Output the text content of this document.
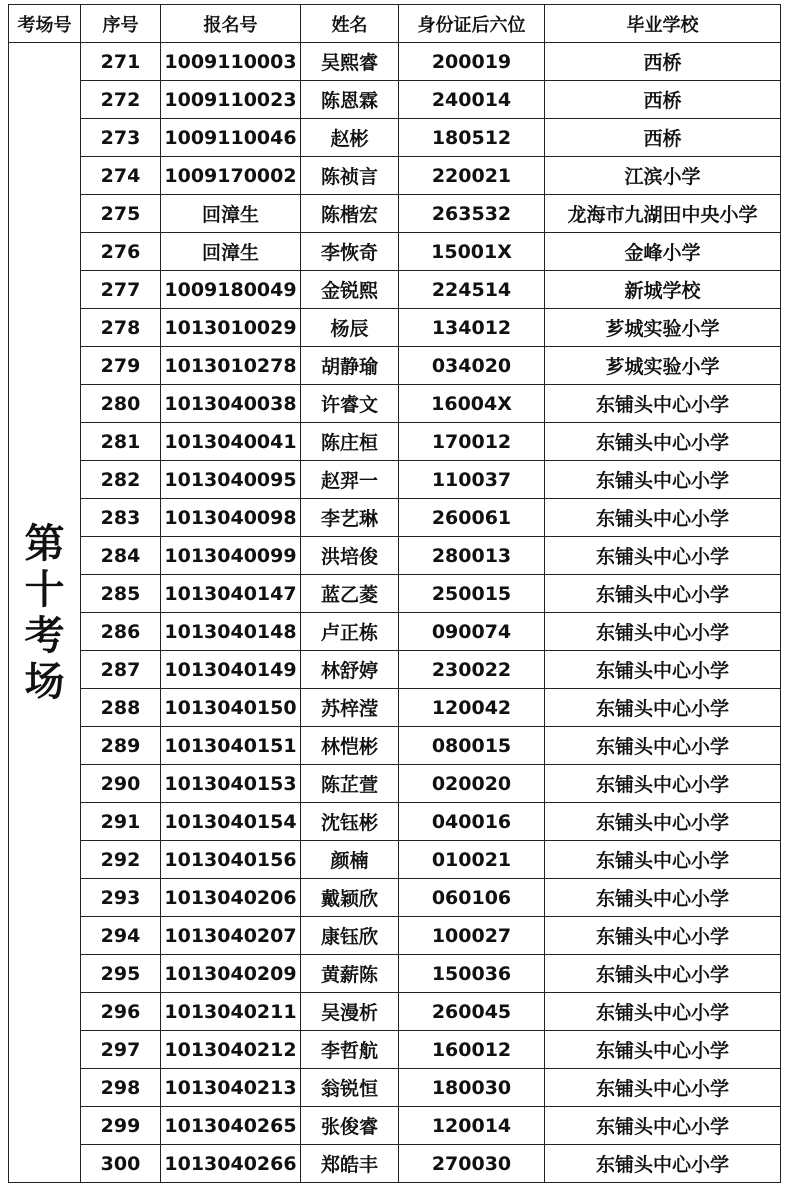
考场号	序号	报名号	姓名	身份证后六位	毕业学校

第十考场	271	1009110003	吴熙睿	200019	西桥
	272	1009110023	陈恩霖	240014	西桥
	273	1009110046	赵彬	180512	西桥
	274	1009170002	陈祯言	220021	江滨小学
	275	回漳生	陈楷宏	263532	龙海市九湖田中央小学
	276	回漳生	李恢奇	15001X	金峰小学
	277	1009180049	金锐熙	224514	新城学校
	278	1013010029	杨辰	134012	芗城实验小学
	279	1013010278	胡静瑜	034020	芗城实验小学
	280	1013040038	许睿文	16004X	东铺头中心小学
	281	1013040041	陈庄桓	170012	东铺头中心小学
	282	1013040095	赵羿一	110037	东铺头中心小学
	283	1013040098	李艺琳	260061	东铺头中心小学
	284	1013040099	洪培俊	280013	东铺头中心小学
	285	1013040147	蓝乙菱	250015	东铺头中心小学
	286	1013040148	卢正栋	090074	东铺头中心小学
	287	1013040149	林舒婷	230022	东铺头中心小学
	288	1013040150	苏梓滢	120042	东铺头中心小学
	289	1013040151	林恺彬	080015	东铺头中心小学
	290	1013040153	陈芷萱	020020	东铺头中心小学
	291	1013040154	沈钰彬	040016	东铺头中心小学
	292	1013040156	颜楠	010021	东铺头中心小学
	293	1013040206	戴颖欣	060106	东铺头中心小学
	294	1013040207	康钰欣	100027	东铺头中心小学
	295	1013040209	黄薪陈	150036	东铺头中心小学
	296	1013040211	吴漫析	260045	东铺头中心小学
	297	1013040212	李哲航	160012	东铺头中心小学
	298	1013040213	翁锐恒	180030	东铺头中心小学
	299	1013040265	张俊睿	120014	东铺头中心小学
	300	1013040266	郑皓丰	270030	东铺头中心小学
